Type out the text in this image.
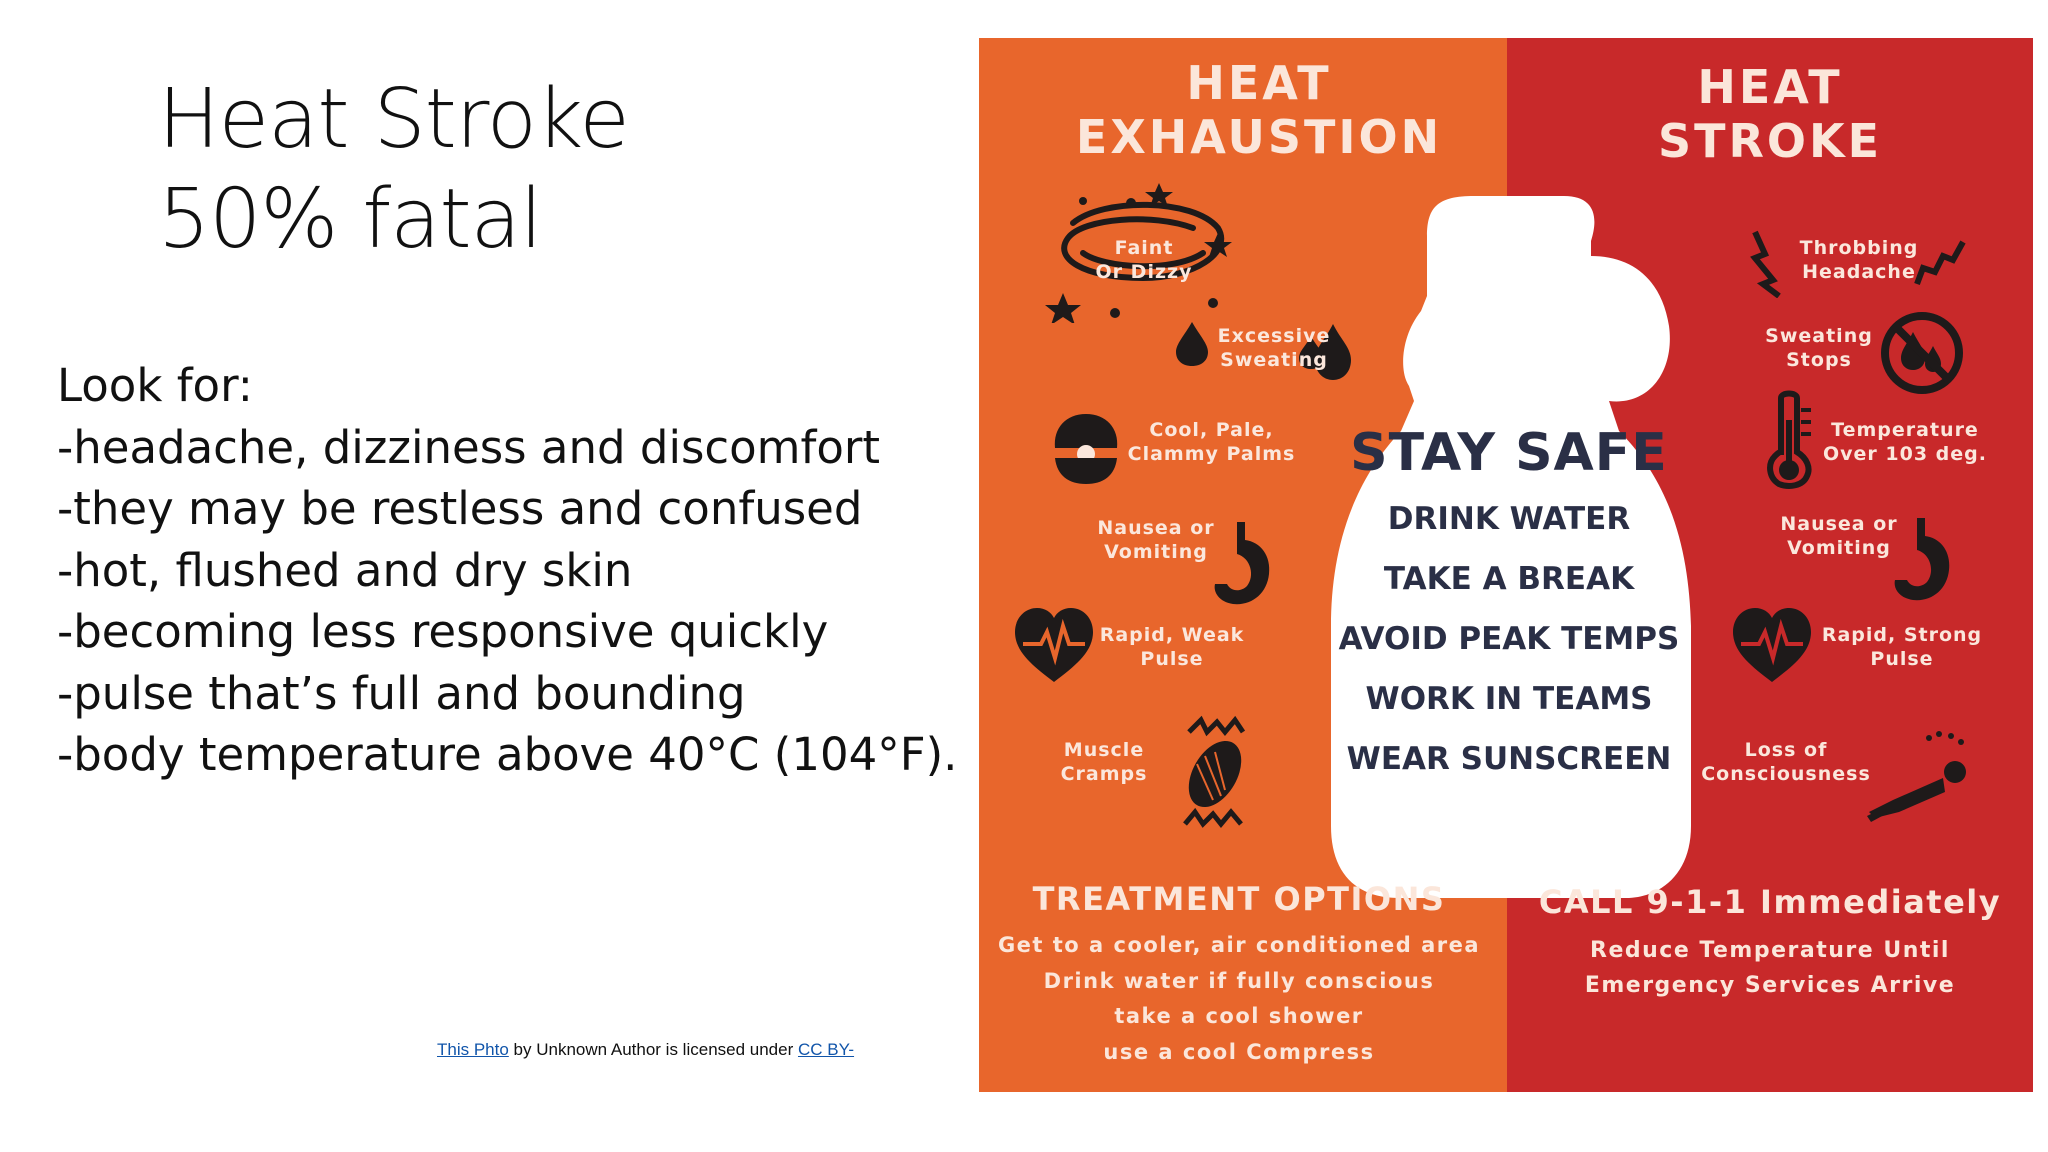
Heat Stroke
50% fatal
Look for:
-headache, dizziness and discomfort
-they may be restless and confused
-hot, flushed and dry skin
-becoming less responsive quickly
-pulse that’s full and bounding
-body temperature above 40°C (104°F).
This Phto by Unknown Author is licensed under CC BY-
HEAT
EXHAUSTION
HEAT
STROKE
STAY SAFE
DRINK WATER
TAKE A BREAK
AVOID PEAK TEMPS
WORK IN TEAMS
WEAR SUNSCREEN
Faint
Or Dizzy
Excessive
Sweating
Cool, Pale,
Clammy Palms
Nausea or
Vomiting
Rapid, Weak
Pulse
Muscle
Cramps
Throbbing
Headache
Sweating
Stops
Temperature
Over 103 deg.
Nausea or
Vomiting
Rapid, Strong
Pulse
Loss of
Consciousness
TREATMENT OPTIONS
Get to a cooler, air conditioned area
Drink water if fully conscious
take a cool shower
use a cool Compress
CALL 9-1-1 Immediately
Reduce Temperature Until
Emergency Services Arrive
